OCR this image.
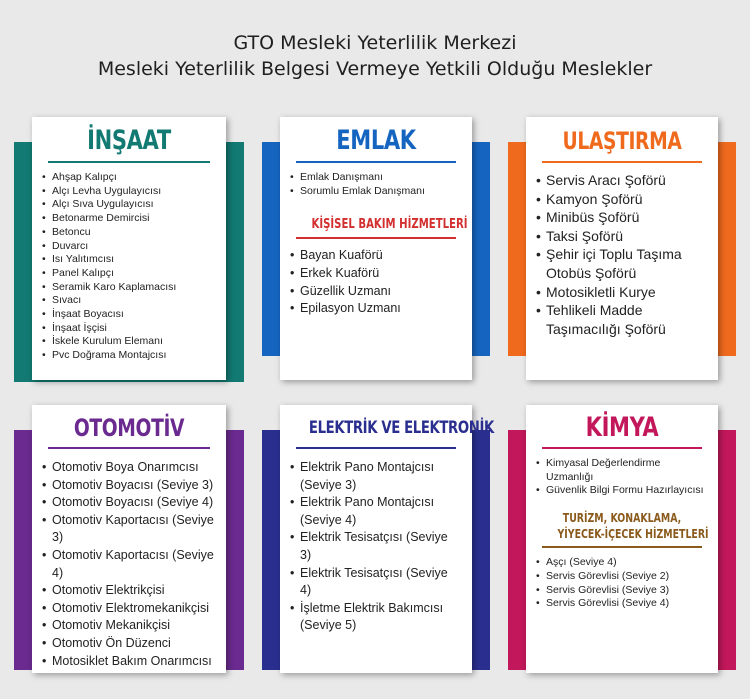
GTO Mesleki Yeterlilik Merkezi
Mesleki Yeterlilik Belgesi Vermeye Yetkili Olduğu Meslekler
İNŞAAT
• Ahşap Kalıpçı
• Alçı Levha Uygulayıcısı
• Alçı Sıva Uygulayıcısı
• Betonarme Demircisi
• Betoncu
• Duvarcı
• Isı Yalıtımcısı
• Panel Kalıpçı
• Seramik Karo Kaplamacısı
• Sıvacı
• İnşaat Boyacısı
• İnşaat İşçisi
• İskele Kurulum Elemanı
• Pvc Doğrama Montajcısı
EMLAK
• Emlak Danışmanı
• Sorumlu Emlak Danışmanı
KİŞİSEL BAKIM HİZMETLERİ
• Bayan Kuaförü
• Erkek Kuaförü
• Güzellik Uzmanı
• Epilasyon Uzmanı
ULAŞTIRMA
• Servis Aracı Şoförü
• Kamyon Şoförü
• Minibüs Şoförü
• Taksi Şoförü
• Şehir içi Toplu Taşıma Otobüs Şoförü
• Motosikletli Kurye
• Tehlikeli Madde Taşımacılığı Şoförü
OTOMOTİV
• Otomotiv Boya Onarımcısı
• Otomotiv Boyacısı (Seviye 3)
• Otomotiv Boyacısı (Seviye 4)
• Otomotiv Kaportacısı (Seviye 3)
• Otomotiv Kaportacısı (Seviye 4)
• Otomotiv Elektrikçisi
• Otomotiv Elektromekanikçisi
• Otomotiv Mekanikçisi
• Otomotiv Ön Düzenci
• Motosiklet Bakım Onarımcısı
ELEKTRİK VE ELEKTRONİK
• Elektrik Pano Montajcısı (Seviye 3)
• Elektrik Pano Montajcısı (Seviye 4)
• Elektrik Tesisatçısı (Seviye 3)
• Elektrik Tesisatçısı (Seviye 4)
• İşletme Elektrik Bakımcısı (Seviye 5)
KİMYA
• Kimyasal Değerlendirme Uzmanlığı
• Güvenlik Bilgi Formu Hazırlayıcısı
TURİZM, KONAKLAMA,
YİYECEK-İÇECEK HİZMETLERİ
• Aşçı (Seviye 4)
• Servis Görevlisi (Seviye 2)
• Servis Görevlisi (Seviye 3)
• Servis Görevlisi (Seviye 4)
